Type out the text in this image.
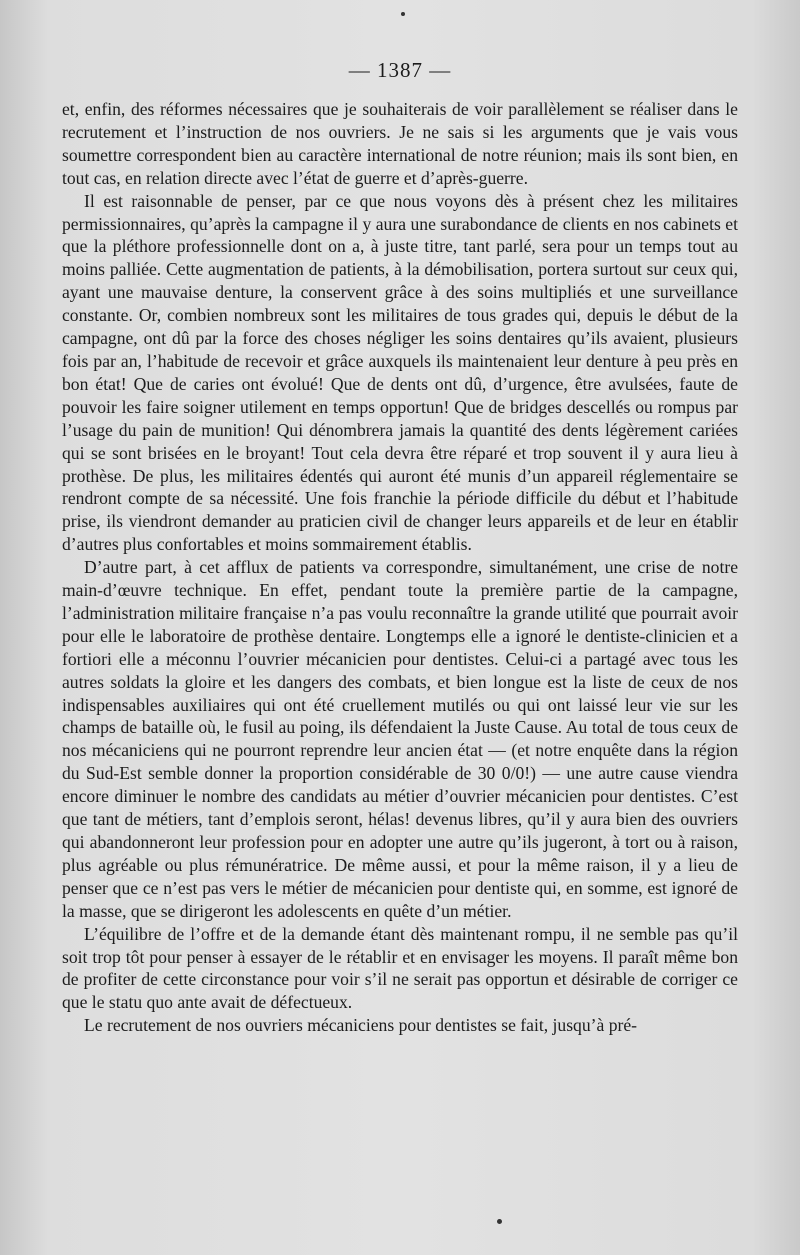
— 1387 —

et, enfin, des réformes nécessaires que je souhaiterais de voir parallèlement se réaliser dans le recrutement et l’instruction de nos ouvriers. Je ne sais si les arguments que je vais vous soumettre correspondent bien au caractère international de notre réunion; mais ils sont bien, en tout cas, en relation directe avec l’état de guerre et d’après-guerre.

Il est raisonnable de penser, par ce que nous voyons dès à présent chez les militaires permissionnaires, qu’après la campagne il y aura une surabondance de clients en nos cabinets et que la pléthore professionnelle dont on a, à juste titre, tant parlé, sera pour un temps tout au moins palliée. Cette augmentation de patients, à la démobilisation, portera surtout sur ceux qui, ayant une mauvaise denture, la conservent grâce à des soins multipliés et une surveillance constante. Or, combien nombreux sont les militaires de tous grades qui, depuis le début de la campagne, ont dû par la force des choses négliger les soins dentaires qu’ils avaient, plusieurs fois par an, l’habitude de recevoir et grâce auxquels ils maintenaient leur denture à peu près en bon état! Que de caries ont évolué! Que de dents ont dû, d’urgence, être avulsées, faute de pouvoir les faire soigner utilement en temps opportun! Que de bridges descellés ou rompus par l’usage du pain de munition! Qui dénombrera jamais la quantité des dents légèrement cariées qui se sont brisées en le broyant! Tout cela devra être réparé et trop souvent il y aura lieu à prothèse. De plus, les militaires édentés qui auront été munis d’un appareil réglementaire se rendront compte de sa nécessité. Une fois franchie la période difficile du début et l’habitude prise, ils viendront demander au praticien civil de changer leurs appareils et de leur en établir d’autres plus confortables et moins sommairement établis.

D’autre part, à cet afflux de patients va correspondre, simultanément, une crise de notre main-d’œuvre technique. En effet, pendant toute la première partie de la campagne, l’administration militaire française n’a pas voulu reconnaître la grande utilité que pourrait avoir pour elle le laboratoire de prothèse dentaire. Longtemps elle a ignoré le dentiste-clinicien et a fortiori elle a méconnu l’ouvrier mécanicien pour dentistes. Celui-ci a partagé avec tous les autres soldats la gloire et les dangers des combats, et bien longue est la liste de ceux de nos indispensables auxiliaires qui ont été cruellement mutilés ou qui ont laissé leur vie sur les champs de bataille où, le fusil au poing, ils défendaient la Juste Cause. Au total de tous ceux de nos mécaniciens qui ne pourront reprendre leur ancien état — (et notre enquête dans la région du Sud-Est semble donner la proportion considérable de 30 0/0!) — une autre cause viendra encore diminuer le nombre des candidats au métier d’ouvrier mécanicien pour dentistes. C’est que tant de métiers, tant d’emplois seront, hélas! devenus libres, qu’il y aura bien des ouvriers qui abandonneront leur profession pour en adopter une autre qu’ils jugeront, à tort ou à raison, plus agréable ou plus rémunératrice. De même aussi, et pour la même raison, il y a lieu de penser que ce n’est pas vers le métier de mécanicien pour dentiste qui, en somme, est ignoré de la masse, que se dirigeront les adolescents en quête d’un métier.

L’équilibre de l’offre et de la demande étant dès maintenant rompu, il ne semble pas qu’il soit trop tôt pour penser à essayer de le rétablir et en envisager les moyens. Il paraît même bon de profiter de cette circonstance pour voir s’il ne serait pas opportun et désirable de corriger ce que le statu quo ante avait de défectueux.

Le recrutement de nos ouvriers mécaniciens pour dentistes se fait, jusqu’à pré-
